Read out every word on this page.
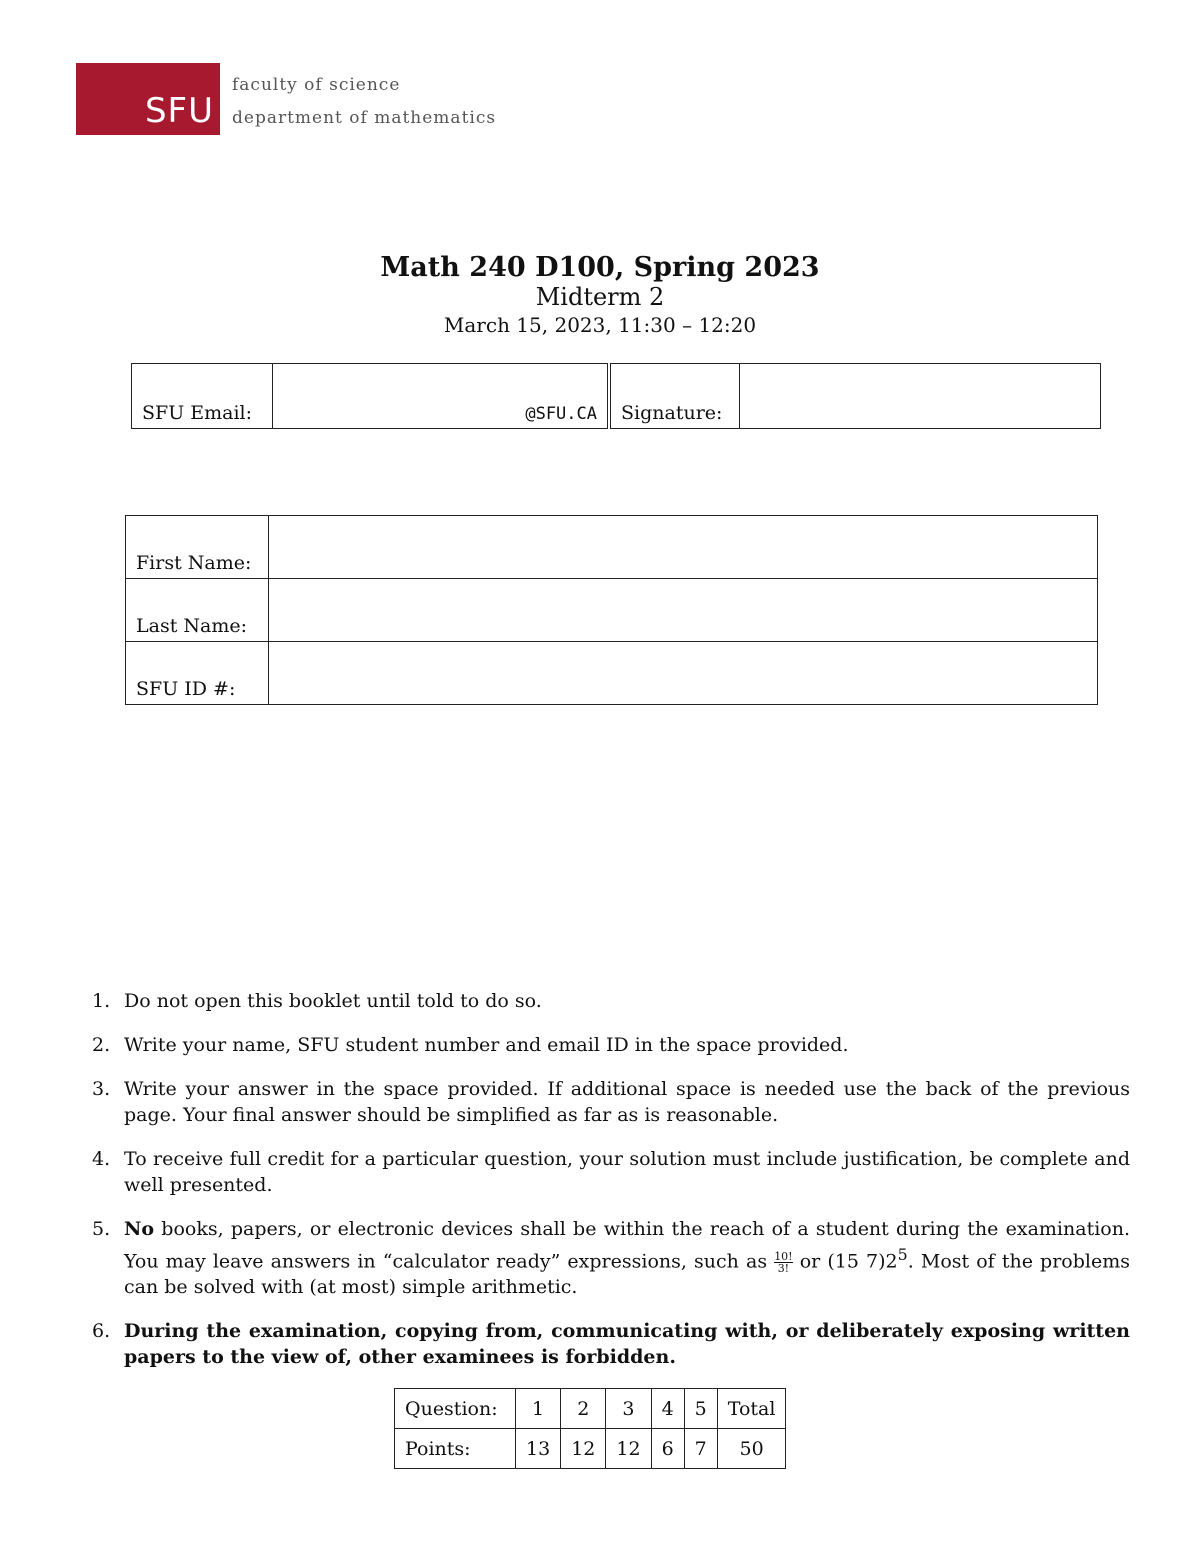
SFU
faculty of science
department of mathematics
Math 240 D100, Spring 2023
Midterm 2
March 15, 2023, 11:30 – 12:20
SFU Email:	@SFU.CA	Signature:	
First Name:	
Last Name:	
SFU ID #:	
1. Do not open this booklet until told to do so.
2. Write your name, SFU student number and email ID in the space provided.
3. Write your answer in the space provided. If additional space is needed use the back of the previous page. Your final answer should be simplified as far as is reasonable.
4. To receive full credit for a particular question, your solution must include justification, be complete and well presented.
5. No books, papers, or electronic devices shall be within the reach of a student during the examination. You may leave answers in “calculator ready” expressions, such as $\frac{10!}{3!}$ or (15 $7)2^5$. Most of the problems can be solved with (at most) simple arithmetic.
6. During the examination, copying from, communicating with, or deliberately exposing written papers to the view of, other examinees is forbidden.
Question:	1	2	3	4	5	Total
Points:	13	12	12	6	7	50
